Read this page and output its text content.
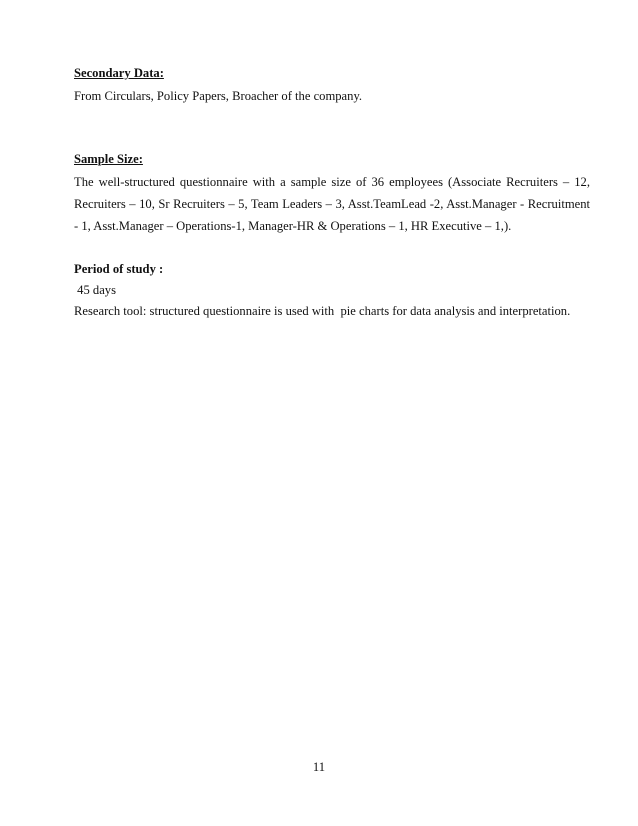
Secondary Data:
From Circulars, Policy Papers, Broacher of the company.
Sample Size:
The well-structured questionnaire with a sample size of 36 employees (Associate Recruiters – 12,
Recruiters – 10, Sr Recruiters – 5, Team Leaders – 3, Asst.TeamLead -2, Asst.Manager - Recruitment
- 1, Asst.Manager – Operations-1, Manager-HR & Operations – 1, HR Executive – 1,).
Period of study :
45 days
Research tool: structured questionnaire is used with  pie charts for data analysis and interpretation.
11
